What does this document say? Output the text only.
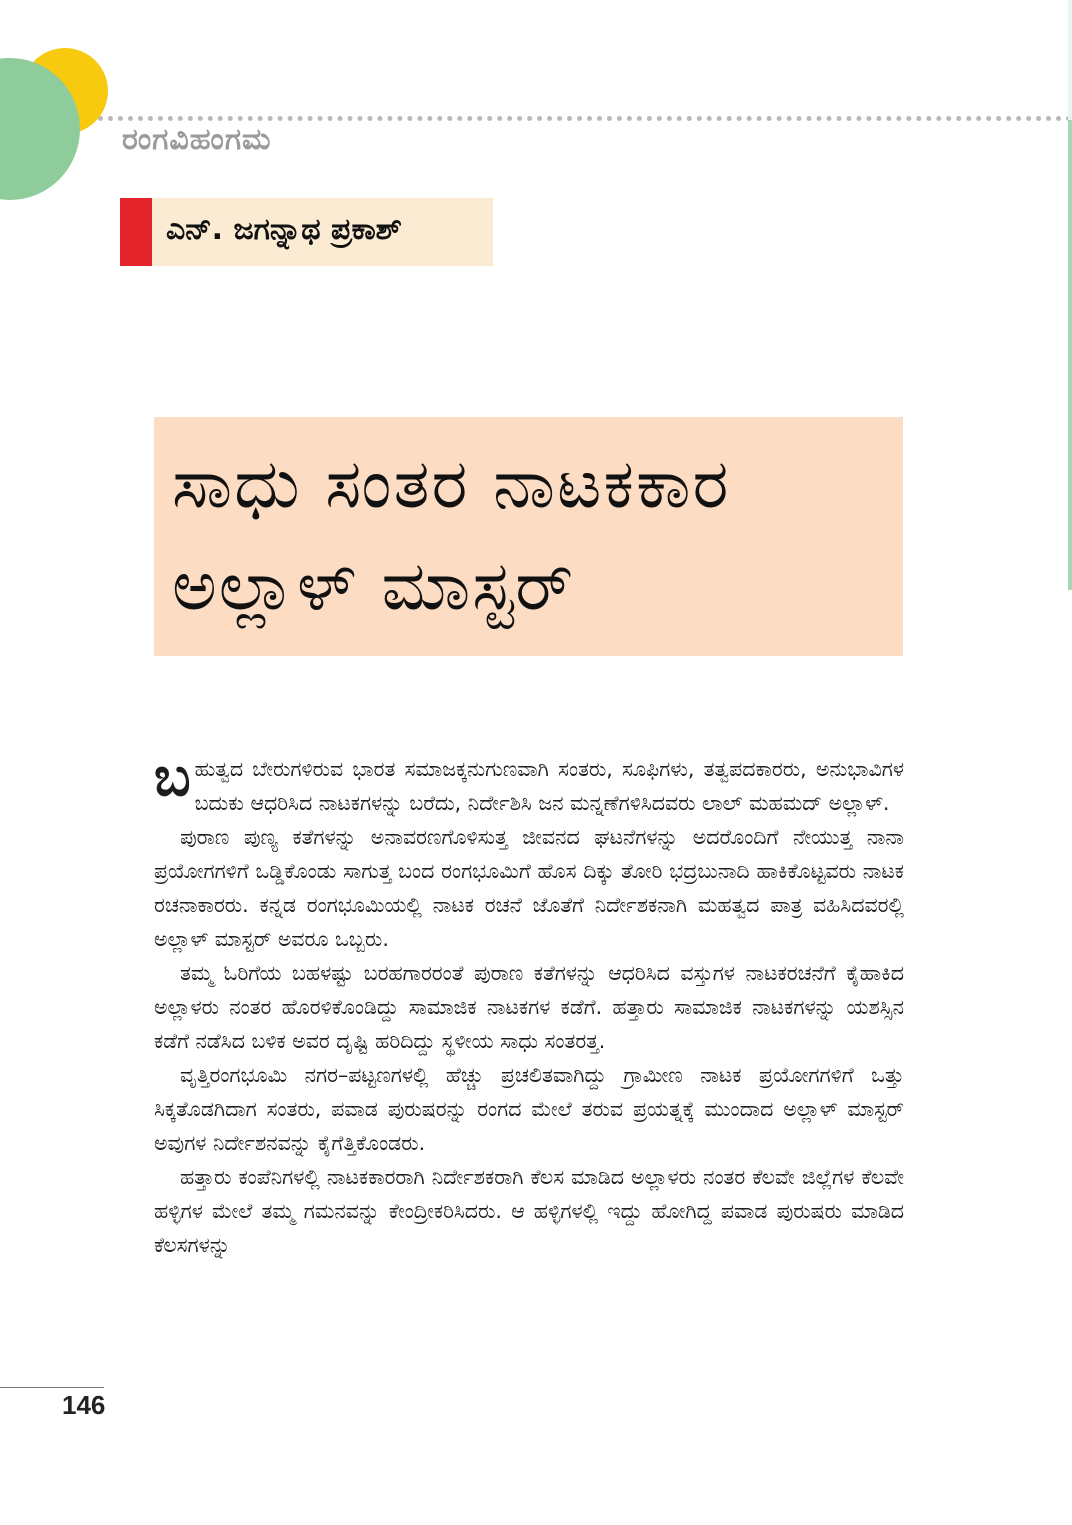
ರಂಗವಿಹಂಗಮ
ಎನ್. ಜಗನ್ನಾಥ ಪ್ರಕಾಶ್
ಸಾಧು ಸಂತರ ನಾಟಕಕಾರ
ಅಲ್ಲಾಳ್ ಮಾಸ್ಟರ್

ಬಹುತ್ವದ ಬೇರುಗಳಿರುವ ಭಾರತ ಸಮಾಜಕ್ಕನುಗುಣವಾಗಿ ಸಂತರು, ಸೂಫಿಗಳು, ತತ್ವಪದಕಾರರು, ಅನುಭಾವಿಗಳ ಬದುಕು ಆಧರಿಸಿದ ನಾಟಕಗಳನ್ನು ಬರೆದು, ನಿರ್ದೇಶಿಸಿ ಜನ ಮನ್ನಣೆಗಳಿಸಿದವರು ಲಾಲ್ ಮಹಮದ್ ಅಲ್ಲಾಳ್.

ಪುರಾಣ ಪುಣ್ಯ ಕತೆಗಳನ್ನು ಅನಾವರಣಗೊಳಿಸುತ್ತ ಜೀವನದ ಘಟನೆಗಳನ್ನು ಅದರೊಂದಿಗೆ ನೇಯುತ್ತ ನಾನಾ ಪ್ರಯೋಗಗಳಿಗೆ ಒಡ್ಡಿಕೊಂಡು ಸಾಗುತ್ತ ಬಂದ ರಂಗಭೂಮಿಗೆ ಹೊಸ ದಿಕ್ಕು ತೋರಿ ಭದ್ರಬುನಾದಿ ಹಾಕಿಕೊಟ್ಟವರು ನಾಟಕ ರಚನಾಕಾರರು. ಕನ್ನಡ ರಂಗಭೂಮಿಯಲ್ಲಿ ನಾಟಕ ರಚನೆ ಜೊತೆಗೆ ನಿರ್ದೇಶಕನಾಗಿ ಮಹತ್ವದ ಪಾತ್ರ ವಹಿಸಿದವರಲ್ಲಿ ಅಲ್ಲಾಳ್ ಮಾಸ್ಟರ್ ಅವರೂ ಒಬ್ಬರು.

ತಮ್ಮ ಓರಿಗೆಯ ಬಹಳಷ್ಟು ಬರಹಗಾರರಂತೆ ಪುರಾಣ ಕತೆಗಳನ್ನು ಆಧರಿಸಿದ ವಸ್ತುಗಳ ನಾಟಕರಚನೆಗೆ ಕೈಹಾಕಿದ ಅಲ್ಲಾಳರು ನಂತರ ಹೊರಳಿಕೊಂಡಿದ್ದು ಸಾಮಾಜಿಕ ನಾಟಕಗಳ ಕಡೆಗೆ. ಹತ್ತಾರು ಸಾಮಾಜಿಕ ನಾಟಕಗಳನ್ನು ಯಶಸ್ಸಿನ ಕಡೆಗೆ ನಡೆಸಿದ ಬಳಿಕ ಅವರ ದೃಷ್ಟಿ ಹರಿದಿದ್ದು ಸ್ಥಳೀಯ ಸಾಧು ಸಂತರತ್ತ.

ವೃತ್ತಿರಂಗಭೂಮಿ ನಗರ–ಪಟ್ಟಣಗಳಲ್ಲಿ ಹೆಚ್ಚು ಪ್ರಚಲಿತವಾಗಿದ್ದು ಗ್ರಾಮೀಣ ನಾಟಕ ಪ್ರಯೋಗಗಳಿಗೆ ಒತ್ತು ಸಿಕ್ಕತೊಡಗಿದಾಗ ಸಂತರು, ಪವಾಡ ಪುರುಷರನ್ನು ರಂಗದ ಮೇಲೆ ತರುವ ಪ್ರಯತ್ನಕ್ಕೆ ಮುಂದಾದ ಅಲ್ಲಾಳ್ ಮಾಸ್ಟರ್ ಅವುಗಳ ನಿರ್ದೇಶನವನ್ನು ಕೈಗೆತ್ತಿಕೊಂಡರು.

ಹತ್ತಾರು ಕಂಪೆನಿಗಳಲ್ಲಿ ನಾಟಕಕಾರರಾಗಿ ನಿರ್ದೇಶಕರಾಗಿ ಕೆಲಸ ಮಾಡಿದ ಅಲ್ಲಾಳರು ನಂತರ ಕೆಲವೇ ಜಿಲ್ಲೆಗಳ ಕೆಲವೇ ಹಳ್ಳಿಗಳ ಮೇಲೆ ತಮ್ಮ ಗಮನವನ್ನು ಕೇಂದ್ರೀಕರಿಸಿದರು. ಆ ಹಳ್ಳಿಗಳಲ್ಲಿ ಇದ್ದು ಹೋಗಿದ್ದ ಪವಾಡ ಪುರುಷರು ಮಾಡಿದ ಕೆಲಸಗಳನ್ನು

146
